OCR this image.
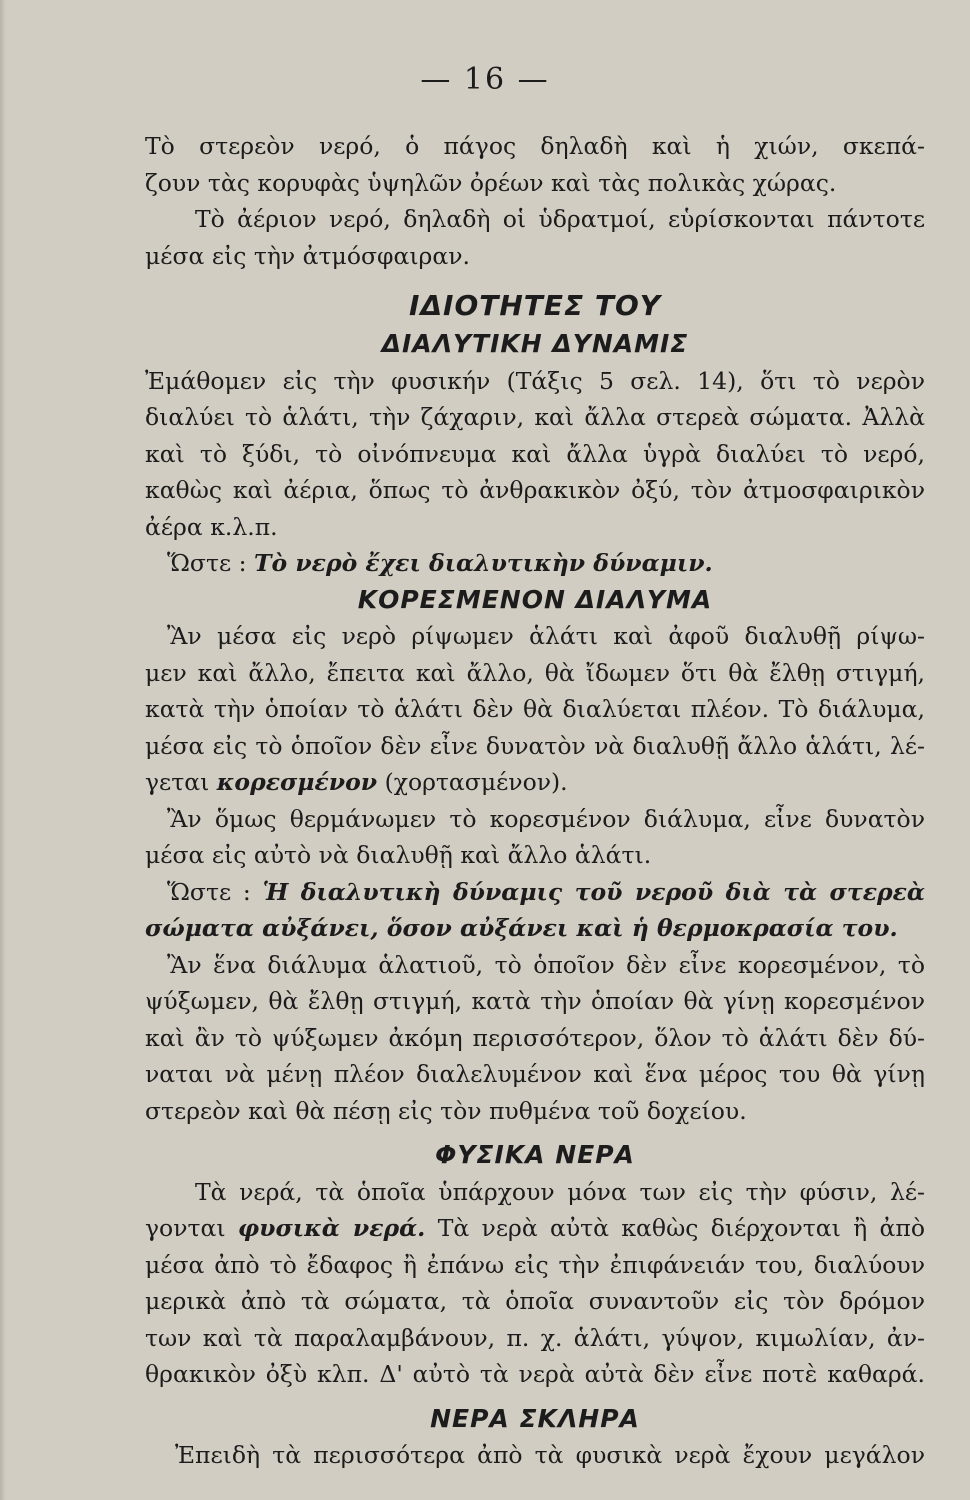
— 16 —
Τὸ στερεὸν νερό, ὁ πάγος δηλαδὴ καὶ ἡ χιών, σκεπά-
ζουν τὰς κορυφὰς ὑψηλῶν ὀρέων καὶ τὰς πολικὰς χώρας.
Τὸ ἀέριον νερό, δηλαδὴ οἱ ὑδρατμοί, εὑρίσκονται πάντοτε
μέσα εἰς τὴν ἀτμόσφαιραν.
ΙΔΙΟΤΗΤΕΣ ΤΟΥ
ΔΙΑΛΥΤΙΚΗ ΔΥΝΑΜΙΣ
Ἐμάθομεν εἰς τὴν φυσικήν (Τάξις 5 σελ. 14), ὅτι τὸ νερὸν
διαλύει τὸ ἁλάτι, τὴν ζάχαριν, καὶ ἄλλα στερεὰ σώματα. Ἀλλὰ
καὶ τὸ ξύδι, τὸ οἰνόπνευμα καὶ ἄλλα ὑγρὰ διαλύει τὸ νερό,
καθὼς καὶ ἀέρια, ὅπως τὸ ἀνθρακικὸν ὀξύ, τὸν ἀτμοσφαιρικὸν
ἀέρα κ.λ.π.
Ὥστε : Τὸ νερὸ ἔχει διαλυτικὴν δύναμιν.
ΚΟΡΕΣΜΕΝΟΝ ΔΙΑΛΥΜΑ
Ἂν μέσα εἰς νερὸ ρίψωμεν ἁλάτι καὶ ἀφοῦ διαλυθῇ ρίψω-
μεν καὶ ἄλλο, ἔπειτα καὶ ἄλλο, θὰ ἴδωμεν ὅτι θὰ ἔλθῃ στιγμή,
κατὰ τὴν ὁποίαν τὸ ἁλάτι δὲν θὰ διαλύεται πλέον. Τὸ διάλυμα,
μέσα εἰς τὸ ὁποῖον δὲν εἶνε δυνατὸν νὰ διαλυθῇ ἄλλο ἁλάτι, λέ-
γεται κορεσμένον (χορτασμένον).
Ἂν ὅμως θερμάνωμεν τὸ κορεσμένον διάλυμα, εἶνε δυνατὸν
μέσα εἰς αὐτὸ νὰ διαλυθῇ καὶ ἄλλο ἁλάτι.
Ὥστε : Ἡ διαλυτικὴ δύναμις τοῦ νεροῦ διὰ τὰ στερεὰ
σώματα αὐξάνει, ὅσον αὐξάνει καὶ ἡ θερμοκρασία του.
Ἂν ἕνα διάλυμα ἁλατιοῦ, τὸ ὁποῖον δὲν εἶνε κορεσμένον, τὸ
ψύξωμεν, θὰ ἔλθῃ στιγμή, κατὰ τὴν ὁποίαν θὰ γίνῃ κορεσμένον
καὶ ἂν τὸ ψύξωμεν ἀκόμη περισσότερον, ὅλον τὸ ἁλάτι δὲν δύ-
ναται νὰ μένῃ πλέον διαλελυμένον καὶ ἕνα μέρος του θὰ γίνῃ
στερεὸν καὶ θὰ πέσῃ εἰς τὸν πυθμένα τοῦ δοχείου.
ΦΥΣΙΚΑ ΝΕΡΑ
Τὰ νερά, τὰ ὁποῖα ὑπάρχουν μόνα των εἰς τὴν φύσιν, λέ-
γονται φυσικὰ νερά. Τὰ νερὰ αὐτὰ καθὼς διέρχονται ἢ ἀπὸ
μέσα ἀπὸ τὸ ἔδαφος ἢ ἐπάνω εἰς τὴν ἐπιφάνειάν του, διαλύουν
μερικὰ ἀπὸ τὰ σώματα, τὰ ὁποῖα συναντοῦν εἰς τὸν δρόμον
των καὶ τὰ παραλαμβάνουν, π. χ. ἁλάτι, γύψον, κιμωλίαν, ἀν-
θρακικὸν ὀξὺ κλπ. Δ' αὐτὸ τὰ νερὰ αὐτὰ δὲν εἶνε ποτὲ καθαρά.
ΝΕΡΑ ΣΚΛΗΡΑ
Ἐπειδὴ τὰ περισσότερα ἀπὸ τὰ φυσικὰ νερὰ ἔχουν μεγάλον
